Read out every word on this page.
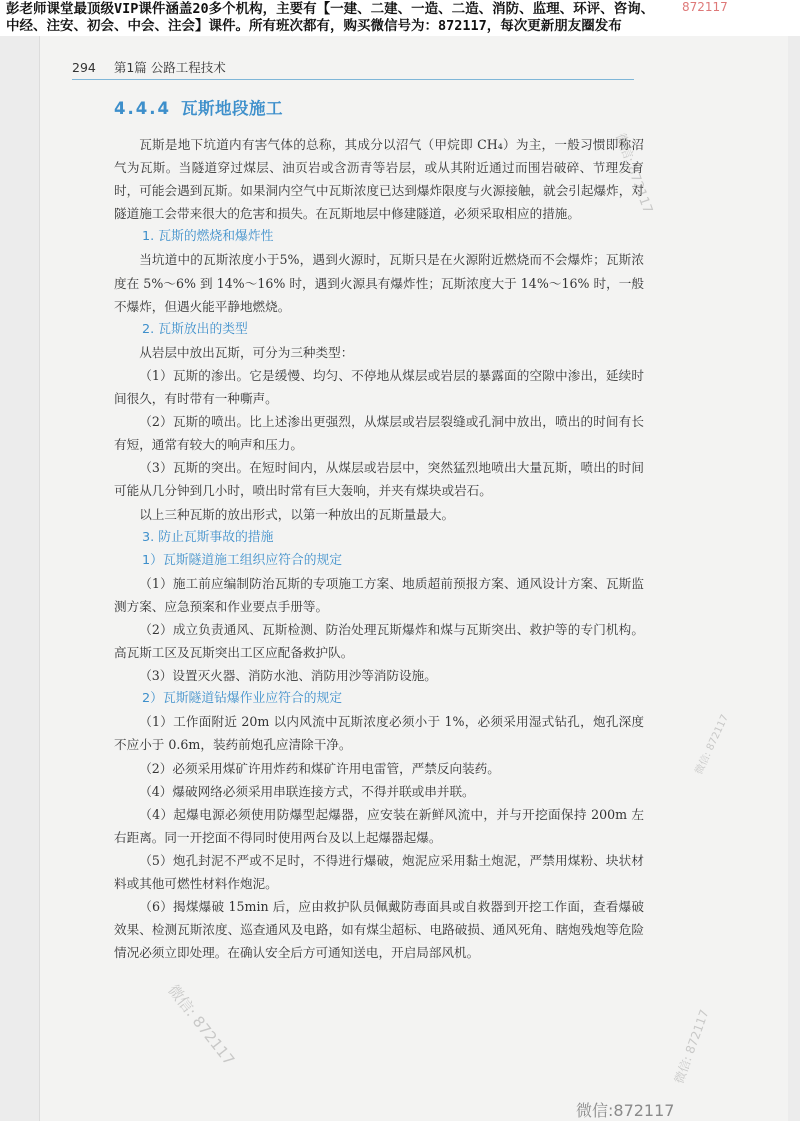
彭老师课堂最顶级VIP课件涵盖20多个机构，主要有【一建、二建、一造、二造、消防、监理、环评、咨询、
中经、注安、初会、中会、注会】课件。所有班次都有，购买微信号为：872117，每次更新朋友圈发布
872117
294 第1篇 公路工程技术
4.4.4 瓦斯地段施工

瓦斯是地下坑道内有害气体的总称，其成分以沼气（甲烷即 CH₄）为主，一般习惯即称沼气为瓦斯。当隧道穿过煤层、油页岩或含沥青等岩层，或从其附近通过而围岩破碎、节理发育时，可能会遇到瓦斯。如果洞内空气中瓦斯浓度已达到爆炸限度与火源接触，就会引起爆炸，对隧道施工会带来很大的危害和损失。在瓦斯地层中修建隧道，必须采取相应的措施。

1. 瓦斯的燃烧和爆炸性

当坑道中的瓦斯浓度小于5%，遇到火源时，瓦斯只是在火源附近燃烧而不会爆炸；瓦斯浓度在 5%～6% 到 14%～16% 时，遇到火源具有爆炸性；瓦斯浓度大于 14%～16% 时，一般不爆炸，但遇火能平静地燃烧。

2. 瓦斯放出的类型

从岩层中放出瓦斯，可分为三种类型：

（1）瓦斯的渗出。它是缓慢、均匀、不停地从煤层或岩层的暴露面的空隙中渗出，延续时间很久，有时带有一种嘶声。

（2）瓦斯的喷出。比上述渗出更强烈，从煤层或岩层裂缝或孔洞中放出，喷出的时间有长有短，通常有较大的响声和压力。

（3）瓦斯的突出。在短时间内，从煤层或岩层中，突然猛烈地喷出大量瓦斯，喷出的时间可能从几分钟到几小时，喷出时常有巨大轰响，并夹有煤块或岩石。

以上三种瓦斯的放出形式，以第一种放出的瓦斯量最大。

3. 防止瓦斯事故的措施
1）瓦斯隧道施工组织应符合的规定

（1）施工前应编制防治瓦斯的专项施工方案、地质超前预报方案、通风设计方案、瓦斯监测方案、应急预案和作业要点手册等。

（2）成立负责通风、瓦斯检测、防治处理瓦斯爆炸和煤与瓦斯突出、救护等的专门机构。高瓦斯工区及瓦斯突出工区应配备救护队。

（3）设置灭火器、消防水池、消防用沙等消防设施。

2）瓦斯隧道钻爆作业应符合的规定

（1）工作面附近 20m 以内风流中瓦斯浓度必须小于 1%，必须采用湿式钻孔，炮孔深度不应小于 0.6m，装药前炮孔应清除干净。

（2）必须采用煤矿许用炸药和煤矿许用电雷管，严禁反向装药。

（4）爆破网络必须采用串联连接方式，不得并联或串并联。

（4）起爆电源必须使用防爆型起爆器，应安装在新鲜风流中，并与开挖面保持 200m 左右距离。同一开挖面不得同时使用两台及以上起爆器起爆。

（5）炮孔封泥不严或不足时，不得进行爆破，炮泥应采用黏土炮泥，严禁用煤粉、块状材料或其他可燃性材料作炮泥。

（6）揭煤爆破 15min 后，应由救护队员佩戴防毒面具或自救器到开挖工作面，查看爆破效果、检测瓦斯浓度、巡查通风及电路，如有煤尘超标、电路破损、通风死角、瞎炮残炮等危险情况必须立即处理。在确认安全后方可通知送电，开启局部风机。

微信: 872117
微信: 872117
微信: 872117
微信: 872117
微信:872117
